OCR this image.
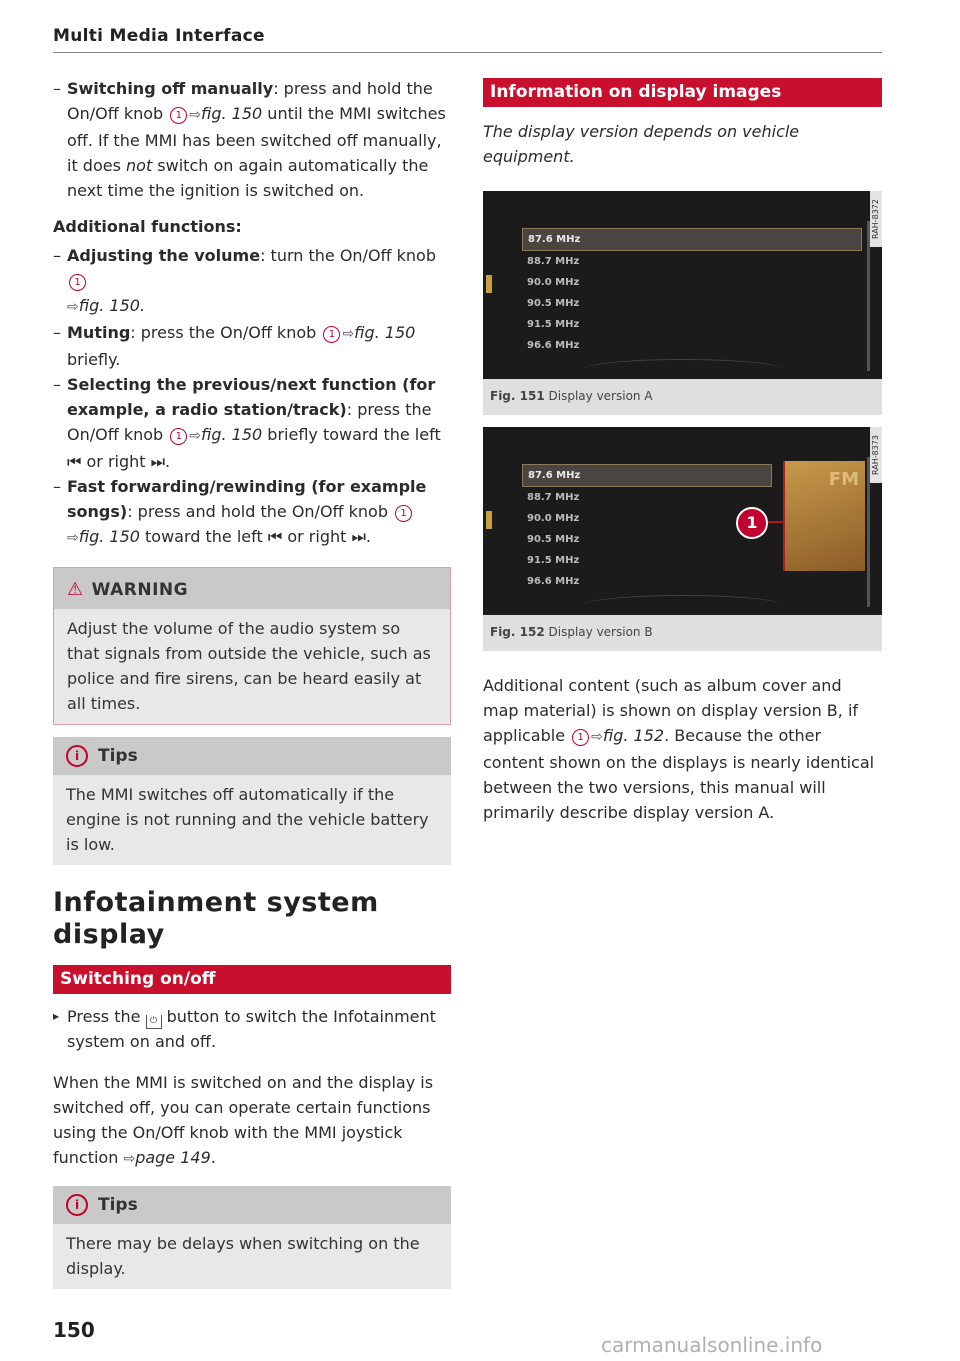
Multi Media Interface

– Switching off manually: press and hold the On/Off knob 1 ⇨fig. 150 until the MMI switches off. If the MMI has been switched off manually, it does not switch on again automatically the next time the ignition is switched on.

Additional functions:

– Adjusting the volume: turn the On/Off knob 1
⇨fig. 150.

– Muting: press the On/Off knob 1 ⇨fig. 150 briefly.

– Selecting the previous/next function (for example, a radio station/track): press the On/Off knob 1 ⇨fig. 150 briefly toward the left ⏮ or right ⏭.

– Fast forwarding/rewinding (for example songs): press and hold the On/Off knob 1⇨fig. 150 toward the left ⏮ or right ⏭.

⚠ WARNING
Adjust the volume of the audio system so that signals from outside the vehicle, such as police and fire sirens, can be heard easily at all times.
i Tips
The MMI switches off automatically if the engine is not running and the vehicle battery is low.
Infotainment system display
Switching on/off

▸ Press the ⏻ button to switch the Infotainment system on and off.

When the MMI is switched on and the display is switched off, you can operate certain functions using the On/Off knob with the MMI joystick function ⇨page 149.

i Tips
There may be delays when switching on the display.
Information on display images

The display version depends on vehicle equipment.

RAH-8372
87.6 MHz
88.7 MHz
90.0 MHz
90.5 MHz
91.5 MHz
96.6 MHz
Fig. 151 Display version A
RAH-8373
87.6 MHz
88.7 MHz
90.0 MHz
90.5 MHz
91.5 MHz
96.6 MHz
FM
1
Fig. 152 Display version B

Additional content (such as album cover and map material) is shown on display version B, if applicable 1 ⇨fig. 152. Because the other content shown on the displays is nearly identical between the two versions, this manual will primarily describe display version A.

150
carmanualsonline.info
